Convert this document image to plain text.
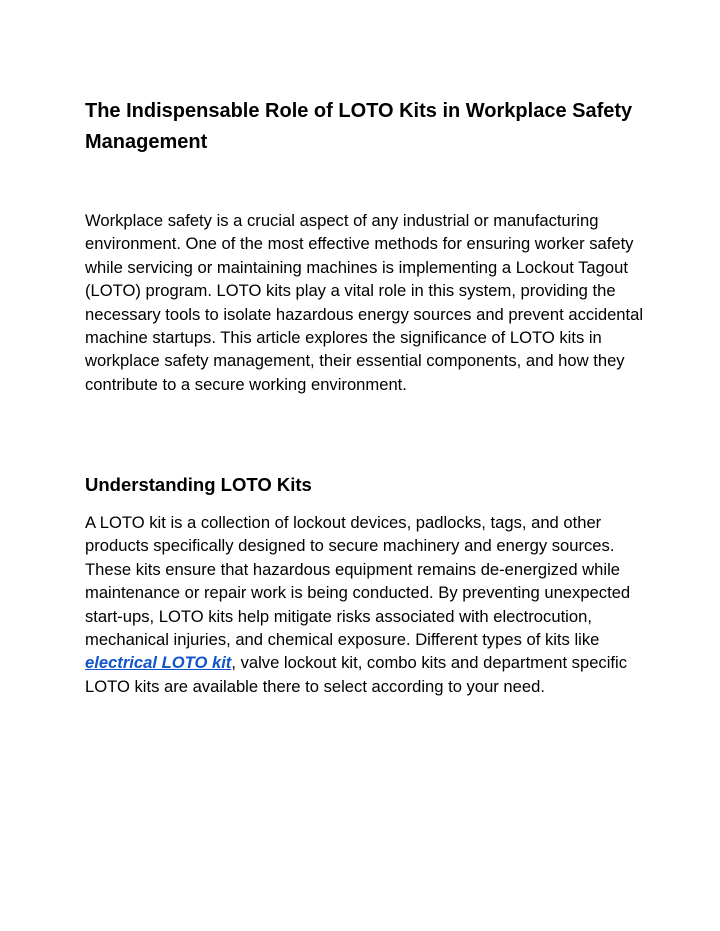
The Indispensable Role of LOTO Kits in Workplace Safety Management

Workplace safety is a crucial aspect of any industrial or manufacturing environment. One of the most effective methods for ensuring worker safety while servicing or maintaining machines is implementing a Lockout Tagout (LOTO) program. LOTO kits play a vital role in this system, providing the necessary tools to isolate hazardous energy sources and prevent accidental machine startups. This article explores the significance of LOTO kits in workplace safety management, their essential components, and how they contribute to a secure working environment.

Understanding LOTO Kits

A LOTO kit is a collection of lockout devices, padlocks, tags, and other products specifically designed to secure machinery and energy sources. These kits ensure that hazardous equipment remains de-energized while maintenance or repair work is being conducted. By preventing unexpected start-ups, LOTO kits help mitigate risks associated with electrocution, mechanical injuries, and chemical exposure. Different types of kits like electrical LOTO kit, valve lockout kit, combo kits and department specific LOTO kits are available there to select according to your need.
